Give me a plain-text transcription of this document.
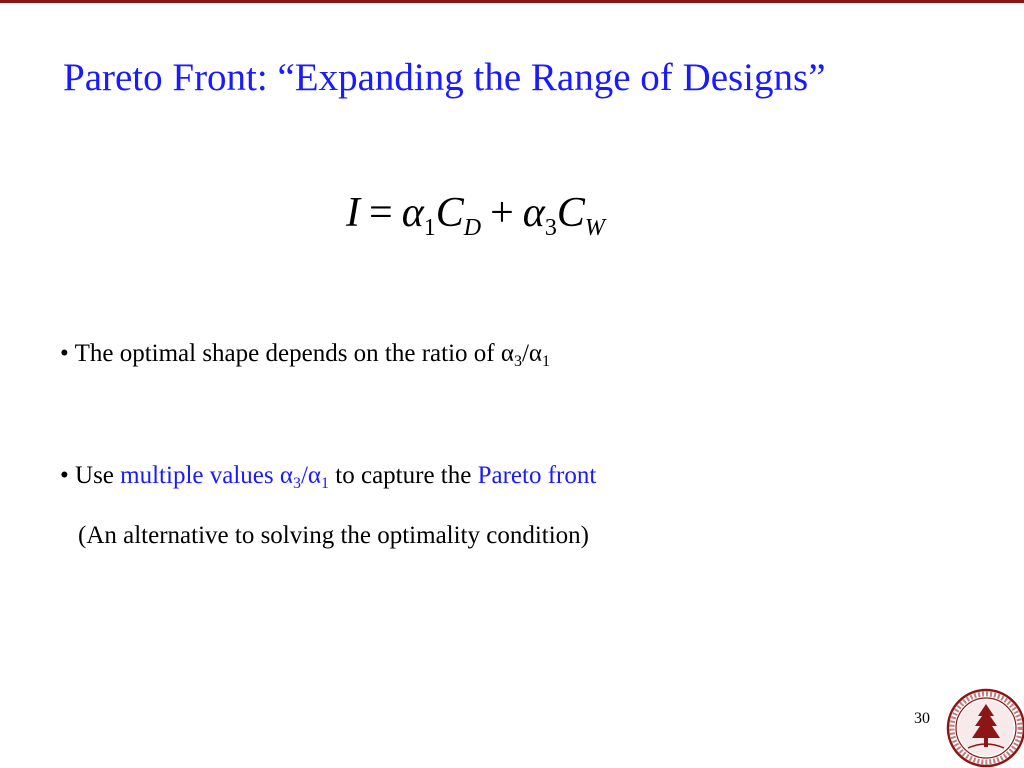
Pareto Front: “Expanding the Range of Designs”
$I = \alpha_1C_D + \alpha_3C_W$
• The optimal shape depends on the ratio of $\alpha_3/\alpha_1$
• Use multiple values $\alpha_3/\alpha_1$ to capture the Pareto front
(An alternative to solving the optimality condition)
30
